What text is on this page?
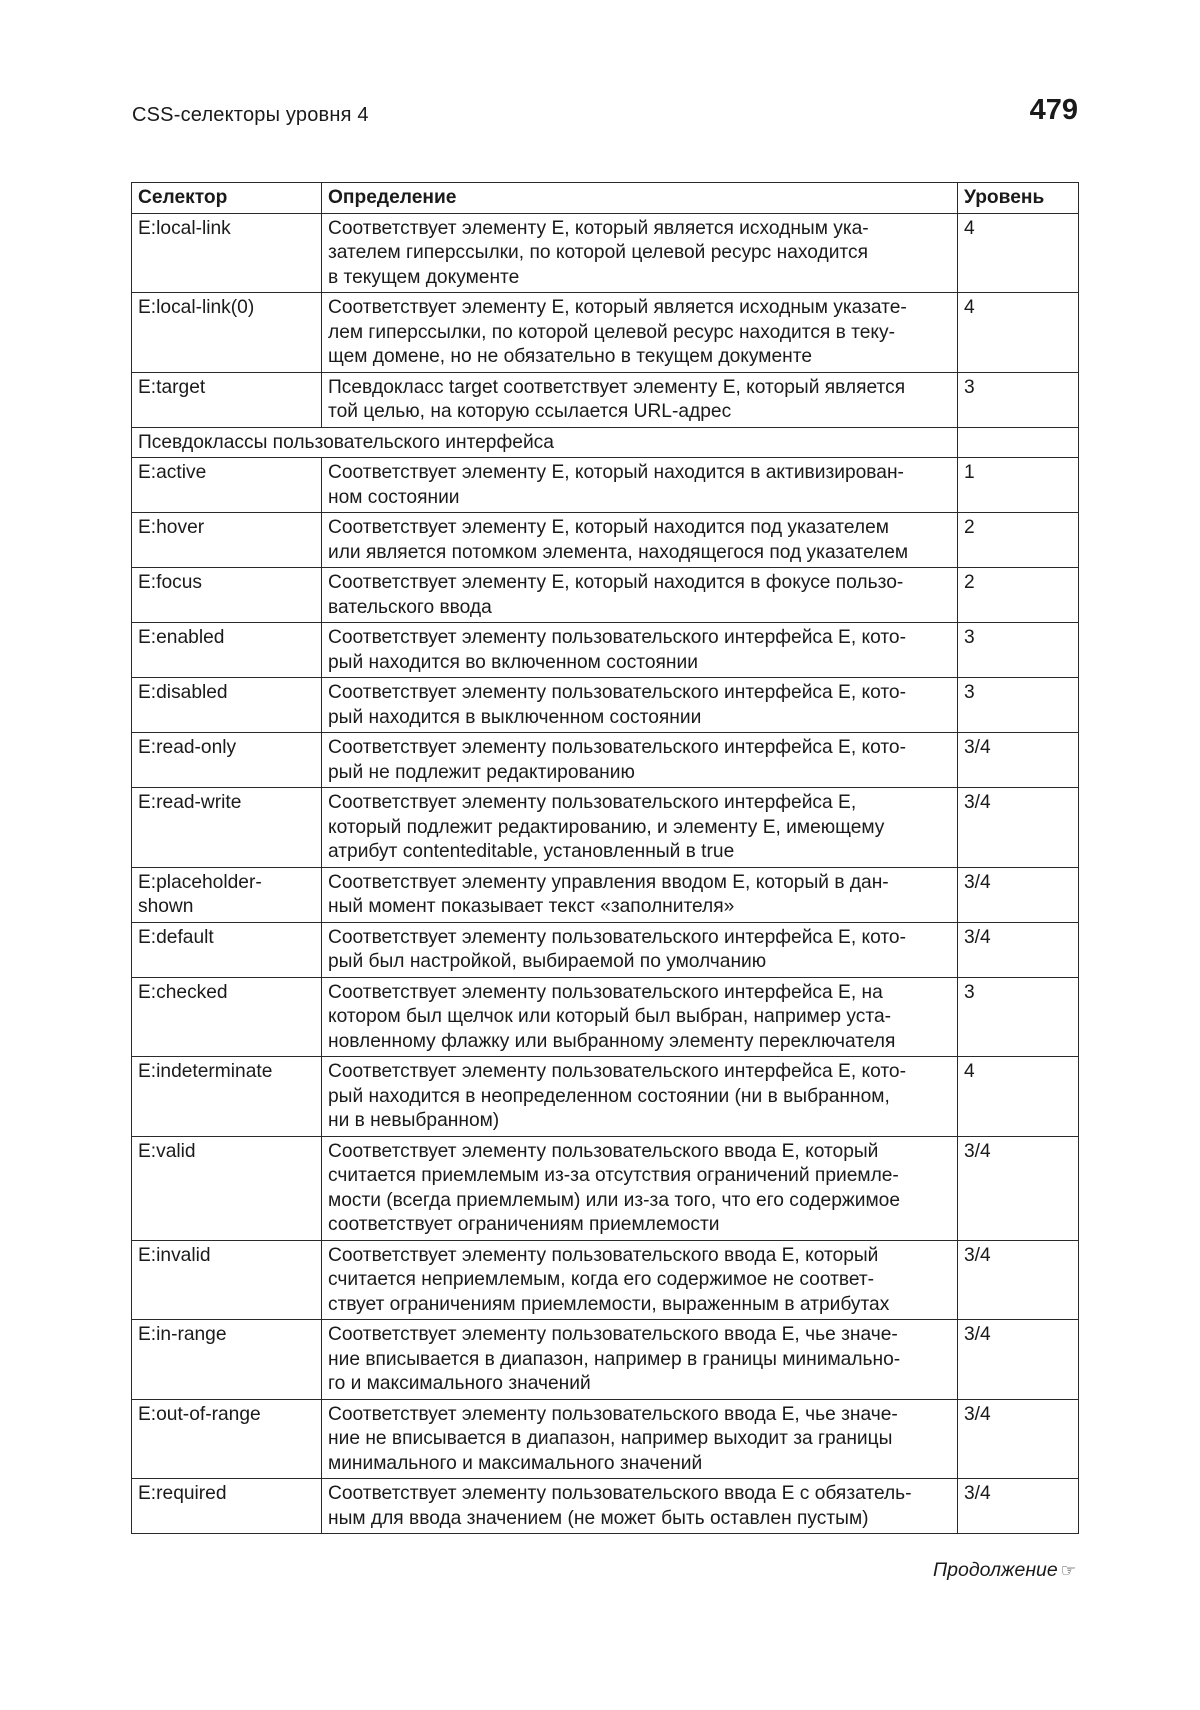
CSS-селекторы уровня 4	479
Селектор	Определение	Уровень
E:local-link	Соответствует элементу E, который является исходным ука-
зателем гиперссылки, по которой целевой ресурс находится
в текущем документе	4
E:local-link(0)	Соответствует элементу E, который является исходным указате-
лем гиперссылки, по которой целевой ресурс находится в теку-
щем домене, но не обязательно в текущем документе	4
E:target	Псевдокласс target соответствует элементу E, который является
той целью, на которую ссылается URL-адрес	3
Псевдоклассы пользовательского интерфейса		
E:active	Соответствует элементу E, который находится в активизирован-
ном состоянии	1
E:hover	Соответствует элементу E, который находится под указателем
или является потомком элемента, находящегося под указателем	2
E:focus	Соответствует элементу E, который находится в фокусе пользо-
вательского ввода	2
E:enabled	Соответствует элементу пользовательского интерфейса E, кото-
рый находится во включенном состоянии	3
E:disabled	Соответствует элементу пользовательского интерфейса E, кото-
рый находится в выключенном состоянии	3
E:read-only	Соответствует элементу пользовательского интерфейса E, кото-
рый не подлежит редактированию	3/4
E:read-write	Соответствует элементу пользовательского интерфейса E,
который подлежит редактированию, и элементу E, имеющему
атрибут contenteditable, установленный в true	3/4
E:placeholder-
shown	Соответствует элементу управления вводом E, который в дан-
ный момент показывает текст «заполнителя»	3/4
E:default	Соответствует элементу пользовательского интерфейса E, кото-
рый был настройкой, выбираемой по умолчанию	3/4
E:checked	Соответствует элементу пользовательского интерфейса E, на
котором был щелчок или который был выбран, например уста-
новленному флажку или выбранному элементу переключателя	3
E:indeterminate	Соответствует элементу пользовательского интерфейса E, кото-
рый находится в неопределенном состоянии (ни в выбранном,
ни в невыбранном)	4
E:valid	Соответствует элементу пользовательского ввода E, который
считается приемлемым из-за отсутствия ограничений приемле-
мости (всегда приемлемым) или из-за того, что его содержимое
соответствует ограничениям приемлемости	3/4
E:invalid	Соответствует элементу пользовательского ввода E, который
считается неприемлемым, когда его содержимое не соответ-
ствует ограничениям приемлемости, выраженным в атрибутах	3/4
E:in-range	Соответствует элементу пользовательского ввода E, чье значе-
ние вписывается в диапазон, например в границы минимально-
го и максимального значений	3/4
E:out-of-range	Соответствует элементу пользовательского ввода E, чье значе-
ние не вписывается в диапазон, например выходит за границы
минимального и максимального значений	3/4
E:required	Соответствует элементу пользовательского ввода E с обязатель-
ным для ввода значением (не может быть оставлен пустым)	3/4
Продолжение ☞
